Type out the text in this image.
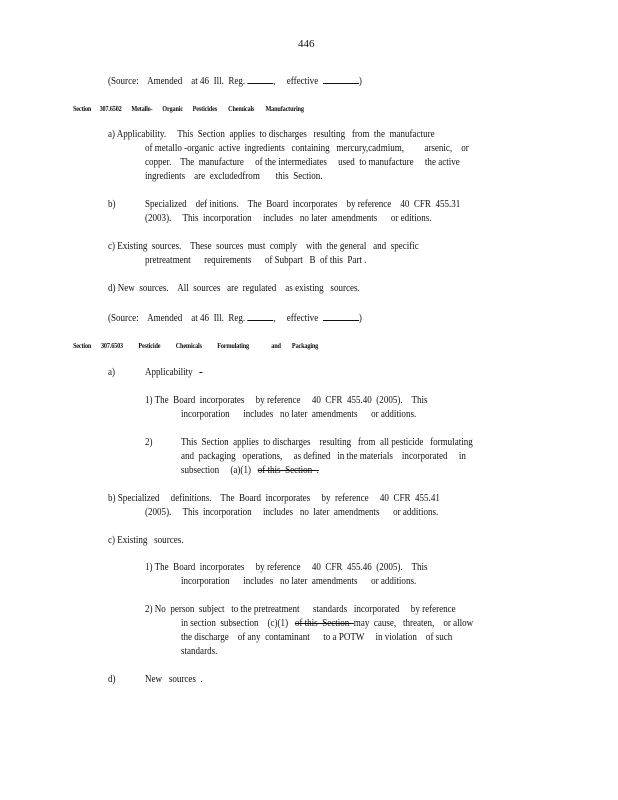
446
(Source:    Amended    at 46  Ill.  Reg.	,     effective	)
Section      307.6502       Metallo-       Organic       Pesticides        Chemicals        Manufacturing
a) Applicability.     This  Section  applies  to discharges   resulting   from  the  manufacture
of metallo -organic  active  ingredients   containing   mercury,cadmium,         arsenic,    or
copper.    The  manufacture     of the intermediates     used  to manufacture     the active
ingredients    are  excludedfrom       this  Section.
b)	Specialized    def initions.    The  Board  incorporates    by reference    40  CFR  455.31
(2003).     This  incorporation     includes   no later  amendments      or editions.
c) Existing  sources.    These  sources  must  comply    with  the general   and  specific
pretreatment      requirements      of Subpart   B  of this  Part .
d) New  sources.    All  sources   are  regulated    as existing   sources.
(Source:    Amended    at 46  Ill.  Reg.	,     effective	)
Section       307.6503           Pesticide           Chemicals           Formulating                and        Packaging
a)	Applicability   -
1) The  Board  incorporates     by reference     40  CFR  455.40  (2005).    This
incorporation      includes   no later  amendments      or additions.
2)	This  Section  applies  to discharges    resulting   from  all pesticide   formulating
and  packaging   operations,     as defined   in the materials    incorporated     in
subsection     (a)(1)   of this  Section  .
b) Specialized     definitions.    The  Board  incorporates     by  reference     40  CFR  455.41
(2005).     This  incorporation     includes   no  later  amendments      or additions.
c) Existing   sources.
1) The  Board  incorporates     by reference     40  CFR  455.46  (2005).    This
incorporation      includes   no later  amendments      or additions.
2) No  person  subject   to the pretreatment      standards   incorporated     by reference
in section  subsection    (c)(1)   of this  Section  may  cause,   threaten,    or allow
the discharge    of any  contaminant      to a POTW     in violation    of such
standards.
d)	New   sources  .
